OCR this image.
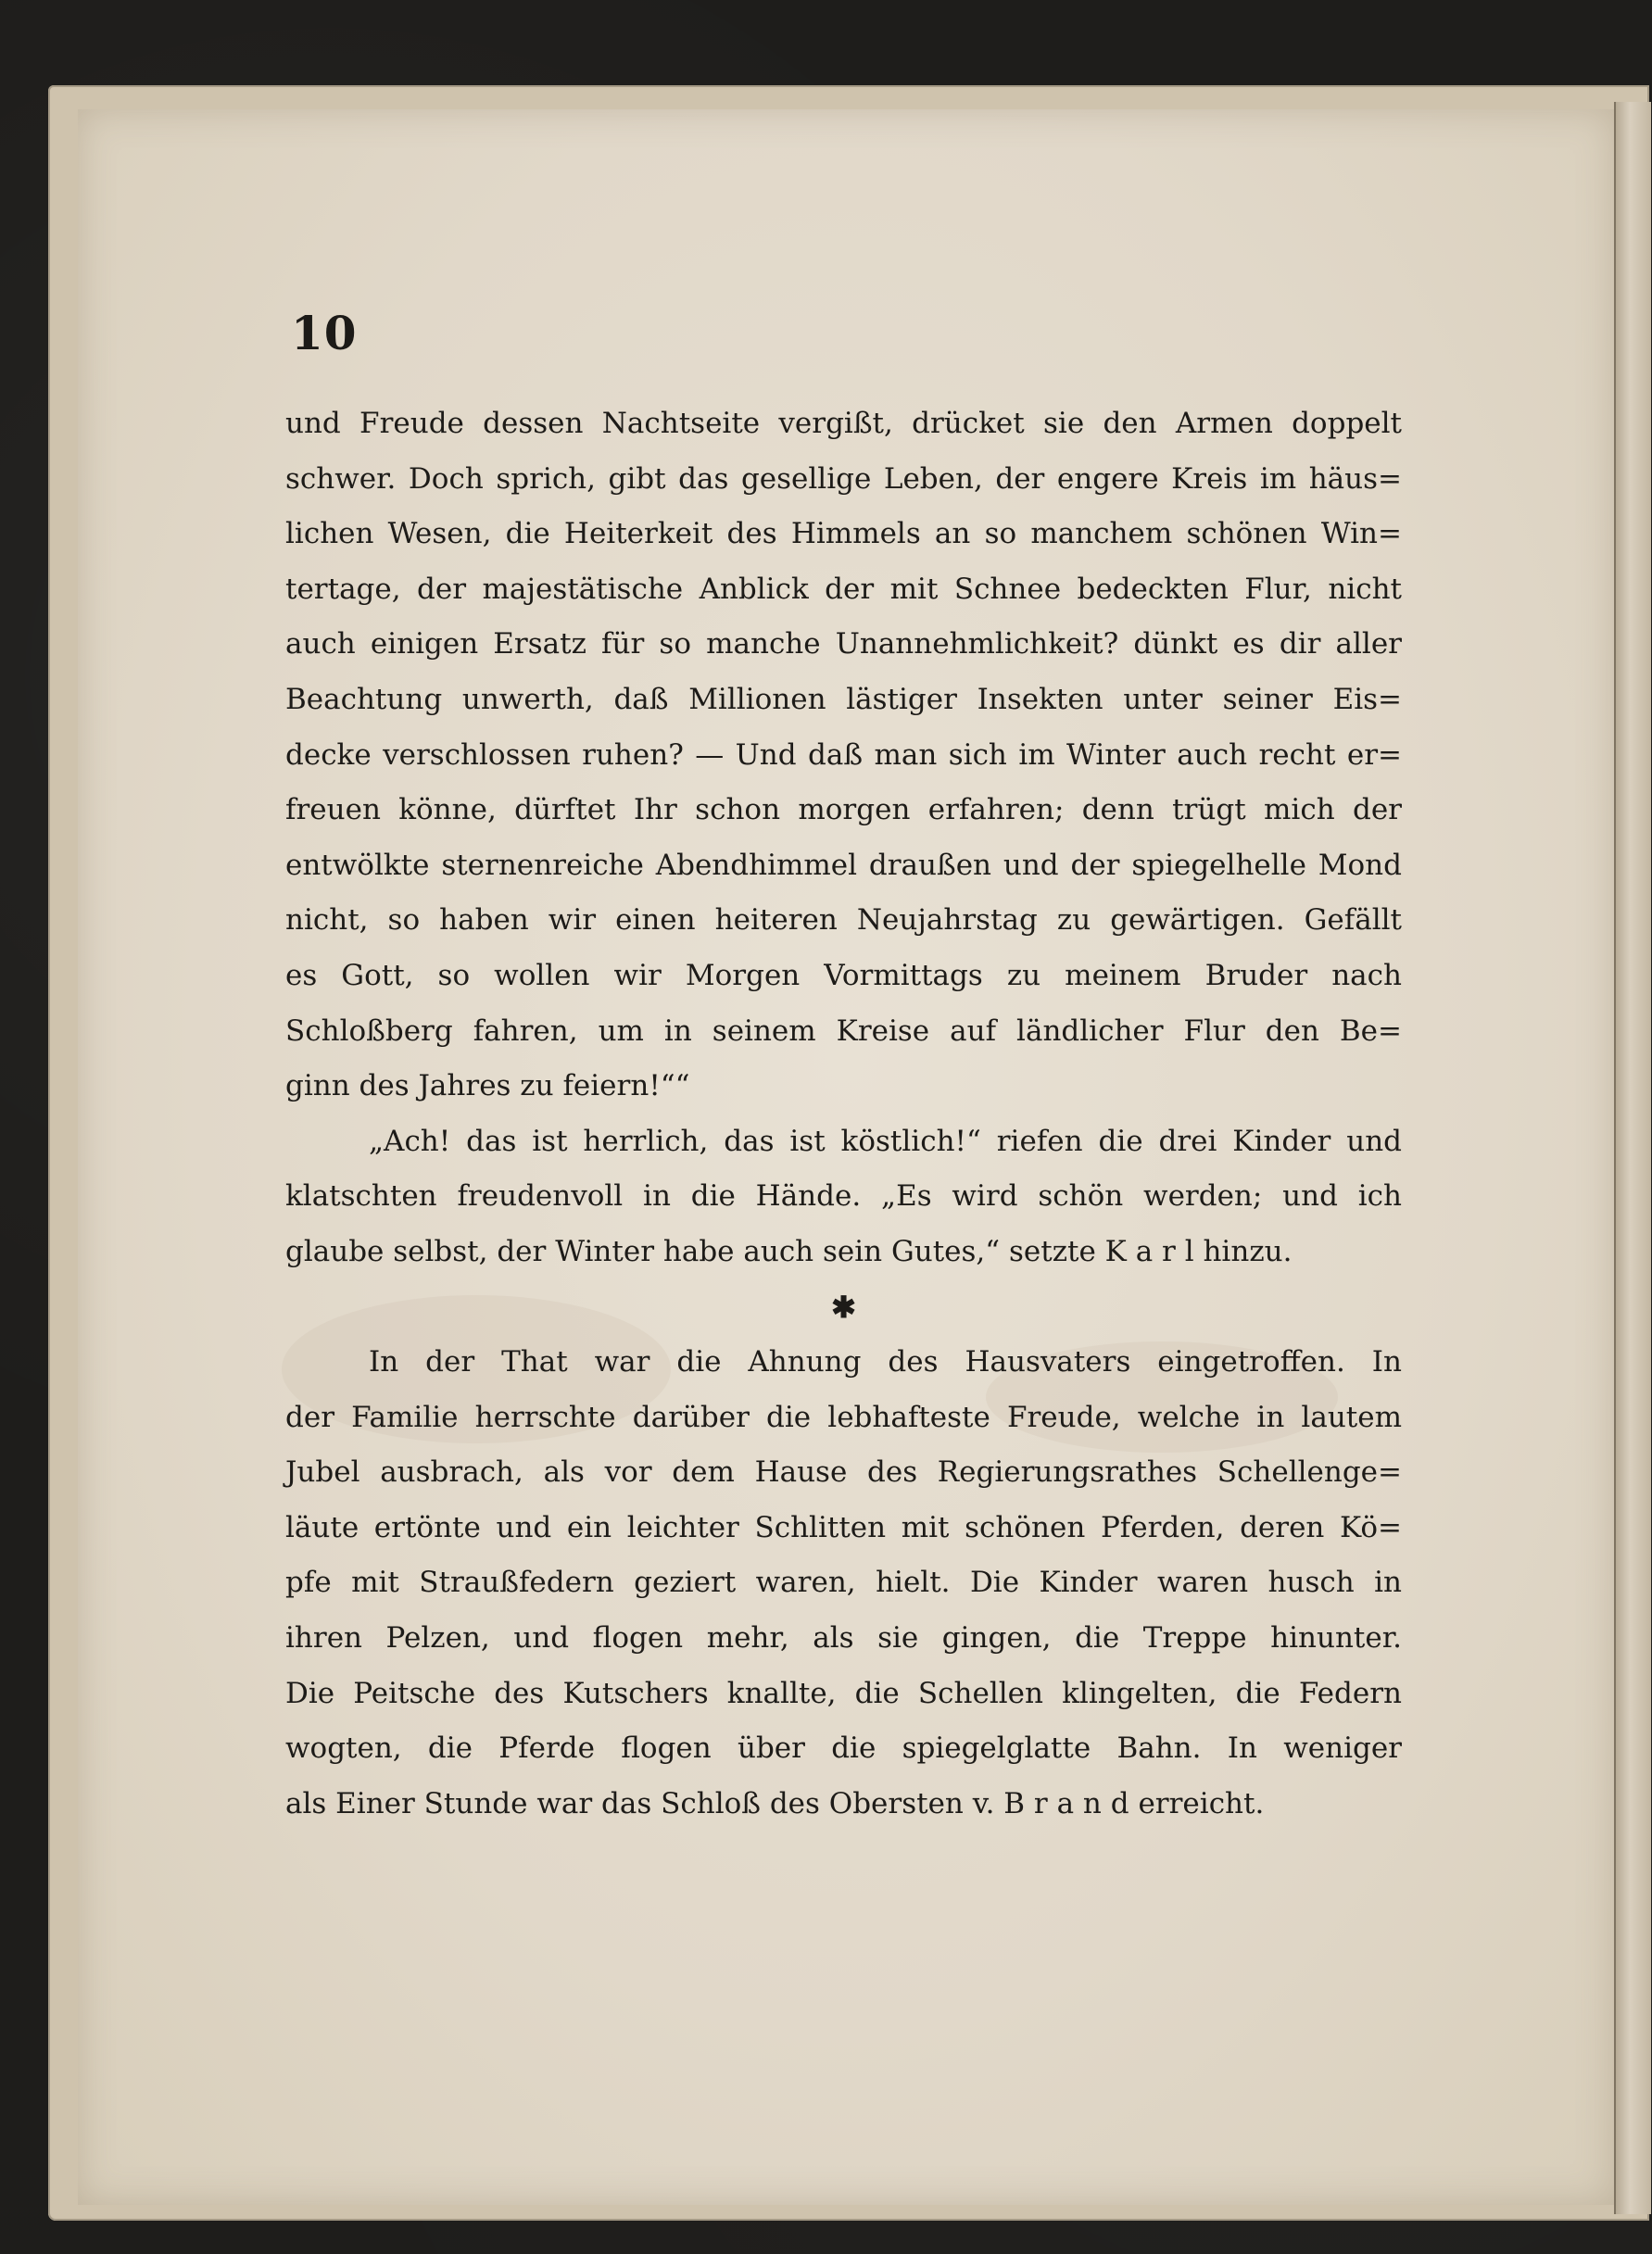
10
und Freude dessen Nachtseite vergißt, drücket sie den Armen doppelt
schwer. Doch sprich, gibt das gesellige Leben, der engere Kreis im häus=
lichen Wesen, die Heiterkeit des Himmels an so manchem schönen Win=
tertage, der majestätische Anblick der mit Schnee bedeckten Flur, nicht
auch einigen Ersatz für so manche Unannehmlichkeit? dünkt es dir aller
Beachtung unwerth, daß Millionen lästiger Insekten unter seiner Eis=
decke verschlossen ruhen? — Und daß man sich im Winter auch recht er=
freuen könne, dürftet Ihr schon morgen erfahren; denn trügt mich der
entwölkte sternenreiche Abendhimmel draußen und der spiegelhelle Mond
nicht, so haben wir einen heiteren Neujahrstag zu gewärtigen. Gefällt
es Gott, so wollen wir Morgen Vormittags zu meinem Bruder nach
Schloßberg fahren, um in seinem Kreise auf ländlicher Flur den Be=
ginn des Jahres zu feiern!““
„Ach! das ist herrlich, das ist köstlich!“ riefen die drei Kinder und
klatschten freudenvoll in die Hände. „Es wird schön werden; und ich
glaube selbst, der Winter habe auch sein Gutes,“ setzte K a r l hinzu.
✱
In der That war die Ahnung des Hausvaters eingetroffen. In
der Familie herrschte darüber die lebhafteste Freude, welche in lautem
Jubel ausbrach, als vor dem Hause des Regierungsrathes Schellenge=
läute ertönte und ein leichter Schlitten mit schönen Pferden, deren Kö=
pfe mit Straußfedern geziert waren, hielt. Die Kinder waren husch in
ihren Pelzen, und flogen mehr, als sie gingen, die Treppe hinunter.
Die Peitsche des Kutschers knallte, die Schellen klingelten, die Federn
wogten, die Pferde flogen über die spiegelglatte Bahn. In weniger
als Einer Stunde war das Schloß des Obersten v. B r a n d erreicht.
